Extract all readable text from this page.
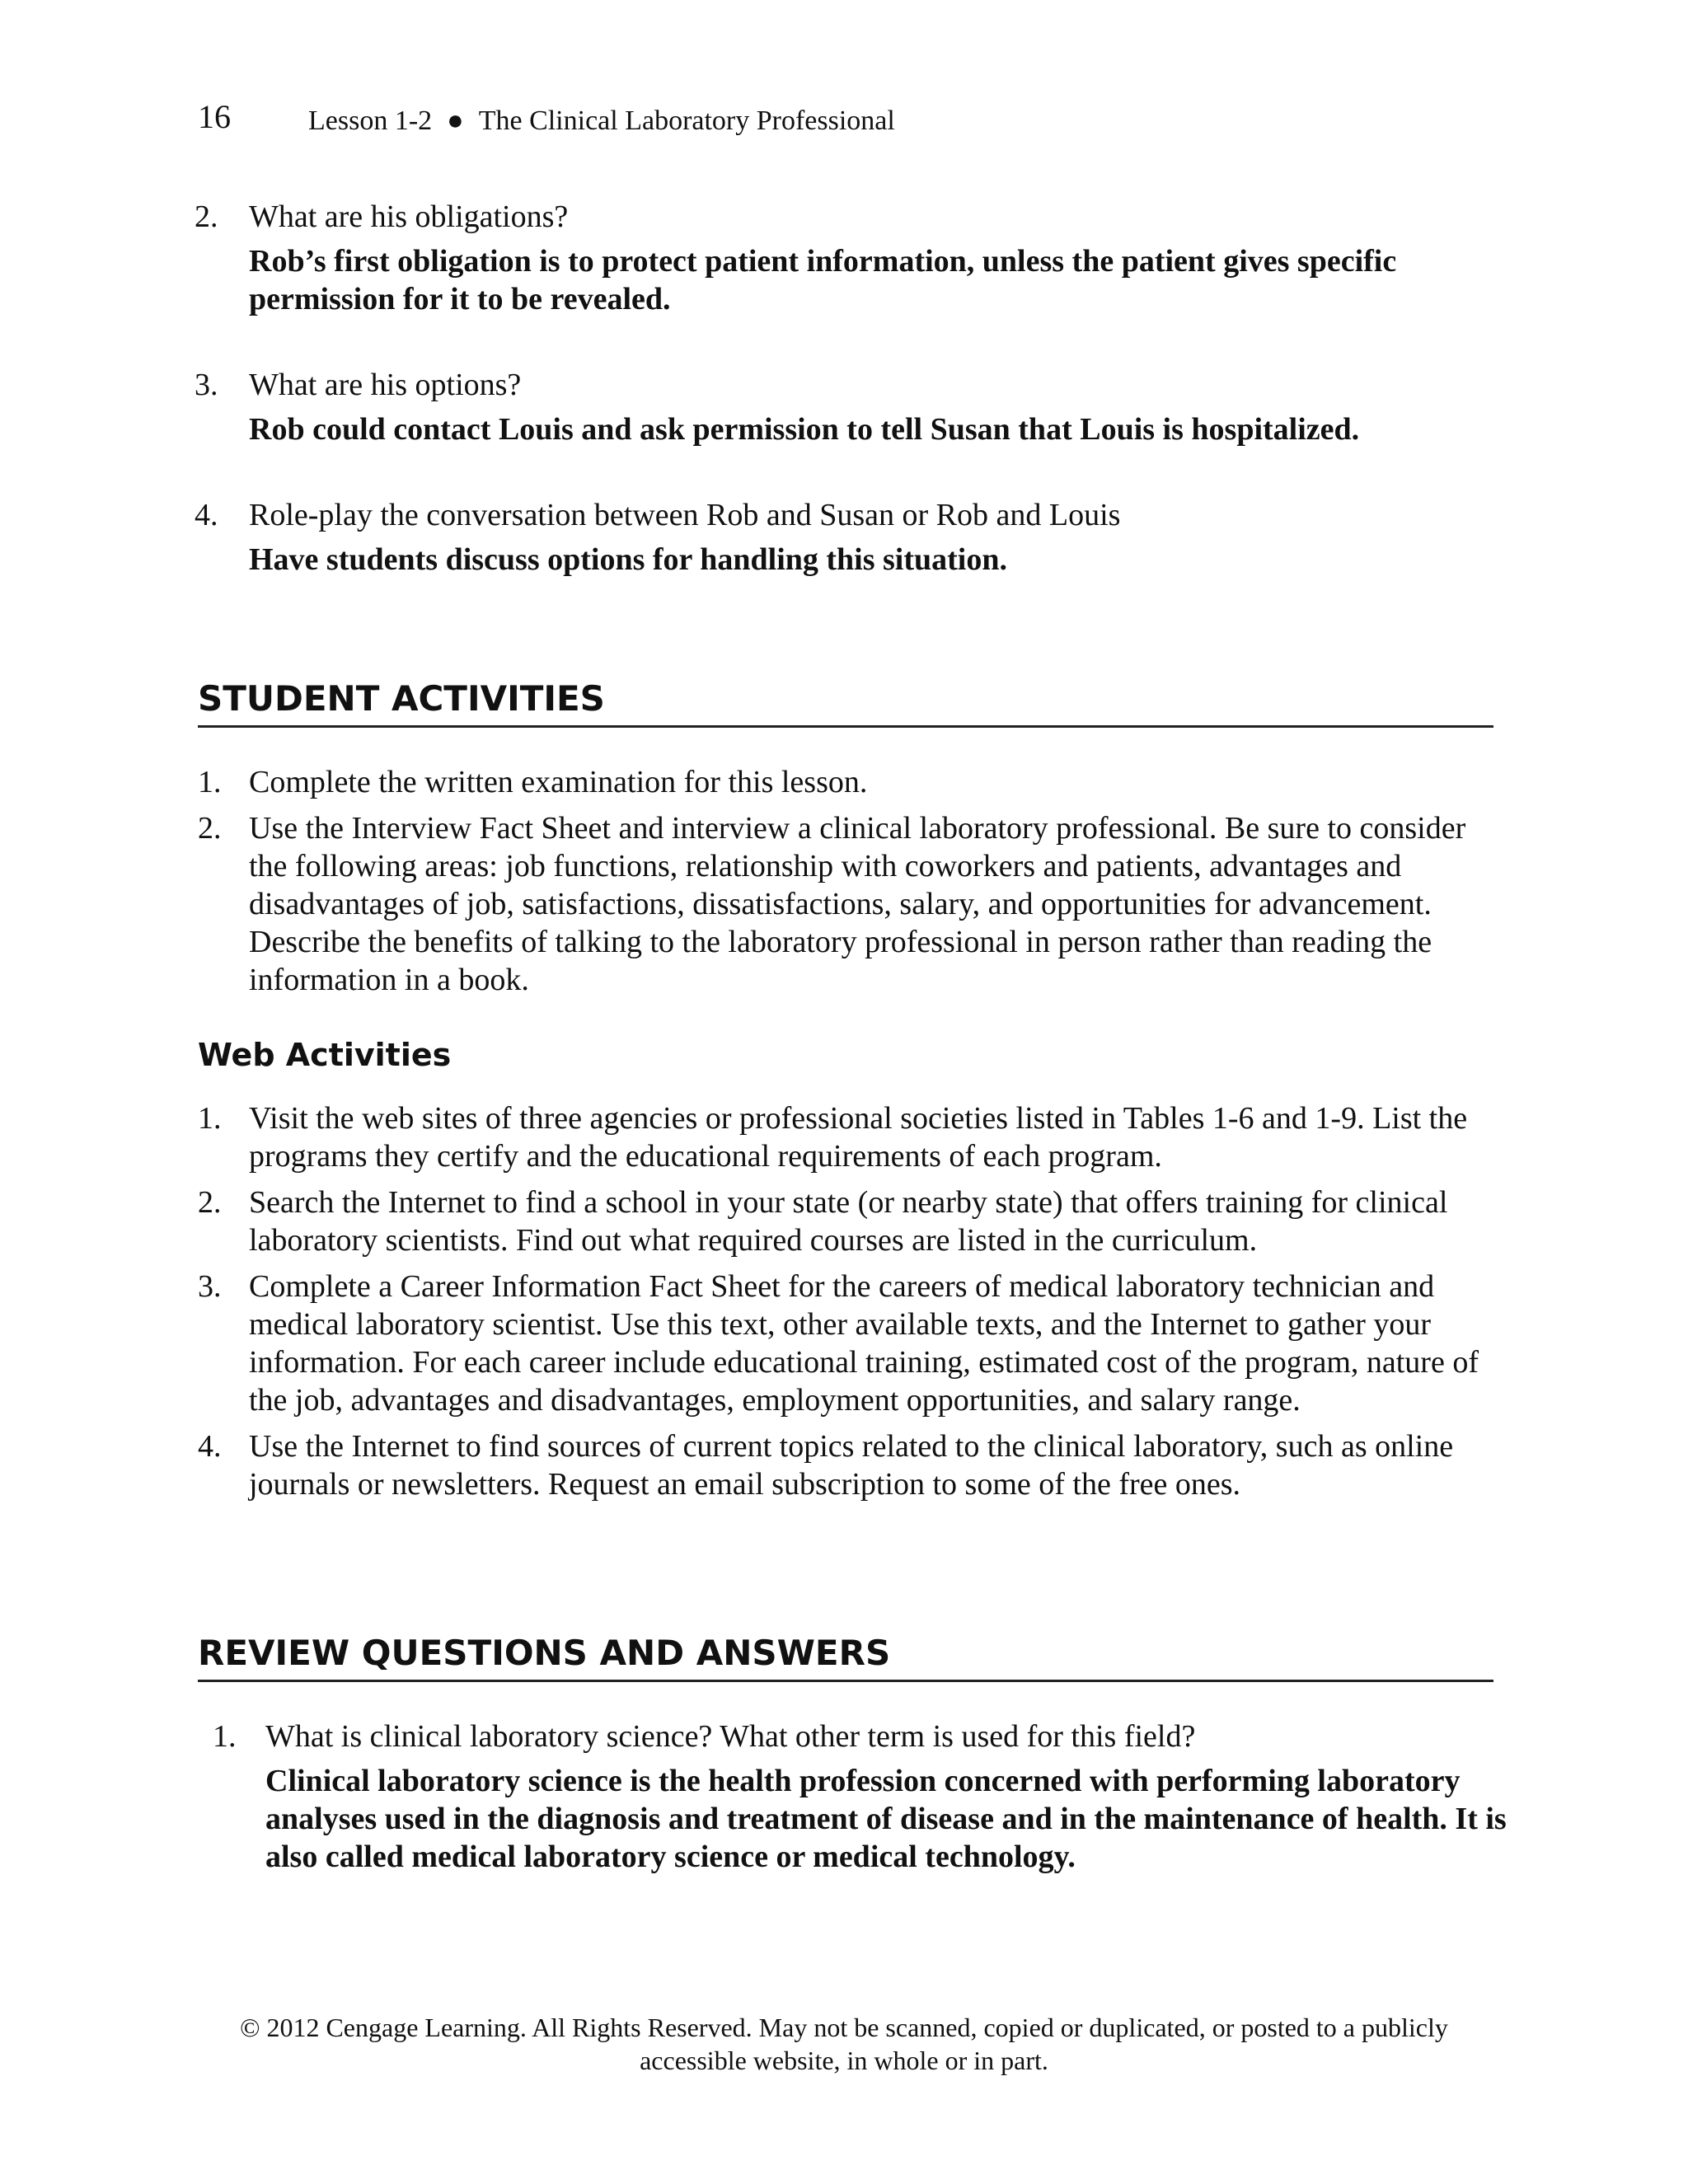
16	Lesson 1-2 ● The Clinical Laboratory Professional
2. What are his obligations?
Rob’s first obligation is to protect patient information, unless the patient gives specific permission for it to be revealed.
3. What are his options?
Rob could contact Louis and ask permission to tell Susan that Louis is hospitalized.
4. Role-play the conversation between Rob and Susan or Rob and Louis
Have students discuss options for handling this situation.
STUDENT ACTIVITIES
1. Complete the written examination for this lesson.
2. Use the Interview Fact Sheet and interview a clinical laboratory professional. Be sure to consider the following areas: job functions, relationship with coworkers and patients, advantages and disadvantages of job, satisfactions, dissatisfactions, salary, and opportunities for advancement. Describe the benefits of talking to the laboratory professional in person rather than reading the information in a book.
Web Activities
1. Visit the web sites of three agencies or professional societies listed in Tables 1-6 and 1-9. List the programs they certify and the educational requirements of each program.
2. Search the Internet to find a school in your state (or nearby state) that offers training for clinical laboratory scientists. Find out what required courses are listed in the curriculum.
3. Complete a Career Information Fact Sheet for the careers of medical laboratory technician and medical laboratory scientist. Use this text, other available texts, and the Internet to gather your information. For each career include educational training, estimated cost of the program, nature of the job, advantages and disadvantages, employment opportunities, and salary range.
4. Use the Internet to find sources of current topics related to the clinical laboratory, such as online journals or newsletters. Request an email subscription to some of the free ones.
REVIEW QUESTIONS AND ANSWERS
1. What is clinical laboratory science? What other term is used for this field?
Clinical laboratory science is the health profession concerned with performing laboratory analyses used in the diagnosis and treatment of disease and in the maintenance of health. It is also called medical laboratory science or medical technology.
© 2012 Cengage Learning. All Rights Reserved. May not be scanned, copied or duplicated, or posted to a publicly
accessible website, in whole or in part.
